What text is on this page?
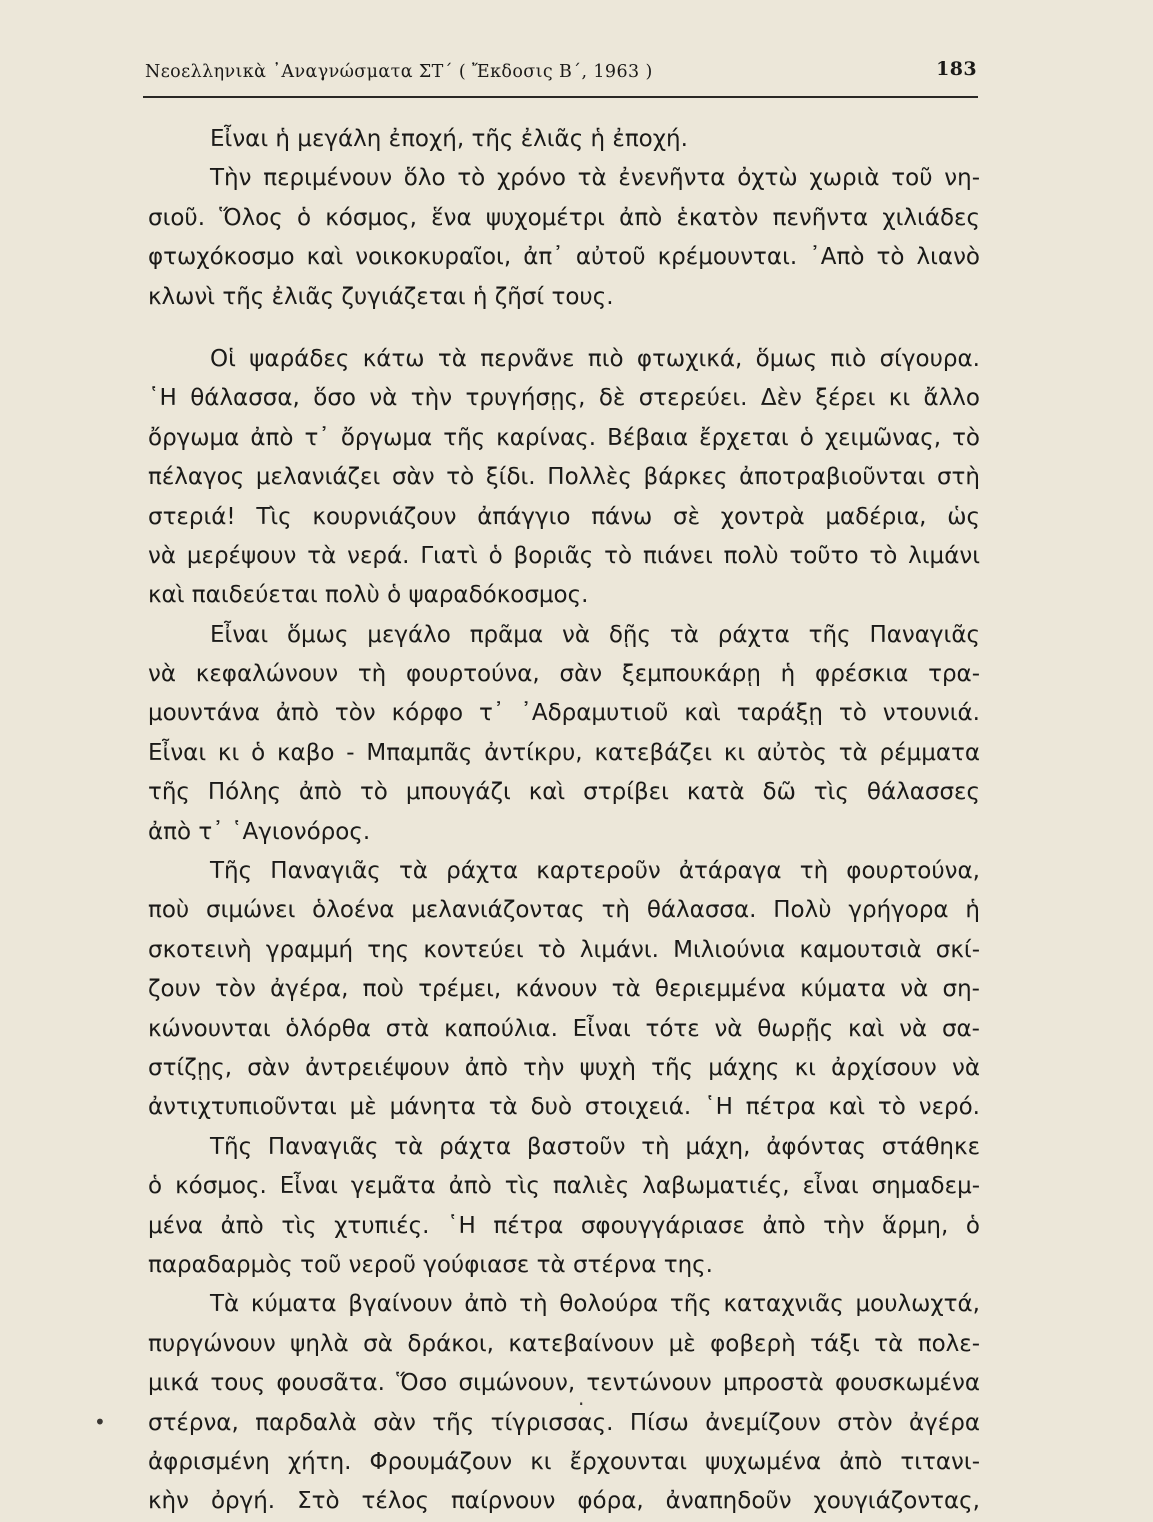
Νεοελληνικὰ ᾿Αναγνώσματα ΣΤ΄ ( Ἔκδοσις Β΄, 1963 )	183
Εἶναι ἡ μεγάλη ἐποχή, τῆς ἐλιᾶς ἡ ἐποχή.
Τὴν περιμένουν ὅλο τὸ χρόνο τὰ ἐνενῆντα ὀχτὼ χωριὰ τοῦ νη-
σιοῦ. Ὅλος ὁ κόσμος, ἕνα ψυχομέτρι ἀπὸ ἑκατὸν πενῆντα χιλιάδες
φτωχόκοσμο καὶ νοικοκυραῖοι, ἀπ᾽ αὐτοῦ κρέμουνται. ᾿Απὸ τὸ λιανὸ
κλωνὶ τῆς ἐλιᾶς ζυγιάζεται ἡ ζῆσί τους.
Οἱ ψαράδες κάτω τὰ περνᾶνε πιὸ φτωχικά, ὅμως πιὸ σίγουρα.
῾Η θάλασσα, ὅσο νὰ τὴν τρυγήσῃς, δὲ στερεύει. Δὲν ξέρει κι ἄλλο
ὄργωμα ἀπὸ τ᾽ ὄργωμα τῆς καρίνας. Βέβαια ἔρχεται ὁ χειμῶνας, τὸ
πέλαγος μελανιάζει σὰν τὸ ξίδι. Πολλὲς βάρκες ἀποτραβιοῦνται στὴ
στεριά! Τὶς κουρνιάζουν ἀπάγγιο πάνω σὲ χοντρὰ μαδέρια, ὡς
νὰ μερέψουν τὰ νερά. Γιατὶ ὁ βοριᾶς τὸ πιάνει πολὺ τοῦτο τὸ λιμάνι
καὶ παιδεύεται πολὺ ὁ ψαραδόκοσμος.
Εἶναι ὅμως μεγάλο πρᾶμα νὰ δῇς τὰ ράχτα τῆς Παναγιᾶς
νὰ κεφαλώνουν τὴ φουρτούνα, σὰν ξεμπουκάρῃ ἡ φρέσκια τρα-
μουντάνα ἀπὸ τὸν κόρφο τ᾽ ᾿Αδραμυτιοῦ καὶ ταράξῃ τὸ ντουνιά.
Εἶναι κι ὁ καβο - Μπαμπᾶς ἀντίκρυ, κατεβάζει κι αὐτὸς τὰ ρέμματα
τῆς Πόλης ἀπὸ τὸ μπουγάζι καὶ στρίβει κατὰ δῶ τὶς θάλασσες
ἀπὸ τ᾽ ῾Αγιονόρος.
Τῆς Παναγιᾶς τὰ ράχτα καρτεροῦν ἀτάραγα τὴ φουρτούνα,
ποὺ σιμώνει ὁλοένα μελανιάζοντας τὴ θάλασσα. Πολὺ γρήγορα ἡ
σκοτεινὴ γραμμή της κοντεύει τὸ λιμάνι. Μιλιούνια καμουτσιὰ σκί-
ζουν τὸν ἀγέρα, ποὺ τρέμει, κάνουν τὰ θεριεμμένα κύματα νὰ ση-
κώνουνται ὁλόρθα στὰ καπούλια. Εἶναι τότε νὰ θωρῇς καὶ νὰ σα-
στίζῃς, σὰν ἀντρειέψουν ἀπὸ τὴν ψυχὴ τῆς μάχης κι ἀρχίσουν νὰ
ἀντιχτυπιοῦνται μὲ μάνητα τὰ δυὸ στοιχειά. ῾Η πέτρα καὶ τὸ νερό.
Τῆς Παναγιᾶς τὰ ράχτα βαστοῦν τὴ μάχη, ἀφόντας στάθηκε
ὁ κόσμος. Εἶναι γεμᾶτα ἀπὸ τὶς παλιὲς λαβωματιές, εἶναι σημαδεμ-
μένα ἀπὸ τὶς χτυπιές. ῾Η πέτρα σφουγγάριασε ἀπὸ τὴν ἅρμη, ὁ
παραδαρμὸς τοῦ νεροῦ γούφιασε τὰ στέρνα της.
Τὰ κύματα βγαίνουν ἀπὸ τὴ θολούρα τῆς καταχνιᾶς μουλωχτά,
πυργώνουν ψηλὰ σὰ δράκοι, κατεβαίνουν μὲ φοβερὴ τάξι τὰ πολε-
μικά τους φουσᾶτα. Ὅσο σιμώνουν, τεντώνουν μπροστὰ φουσκωμένα
στέρνα, παρδαλὰ σὰν τῆς τίγρισσας. Πίσω ἀνεμίζουν στὸν ἀγέρα
ἀφρισμένη χήτη. Φρουμάζουν κι ἔρχουνται ψυχωμένα ἀπὸ τιτανι-
κὴν ὀργή. Στὸ τέλος παίρνουν φόρα, ἀναπηδοῦν χουγιάζοντας,
•
·
